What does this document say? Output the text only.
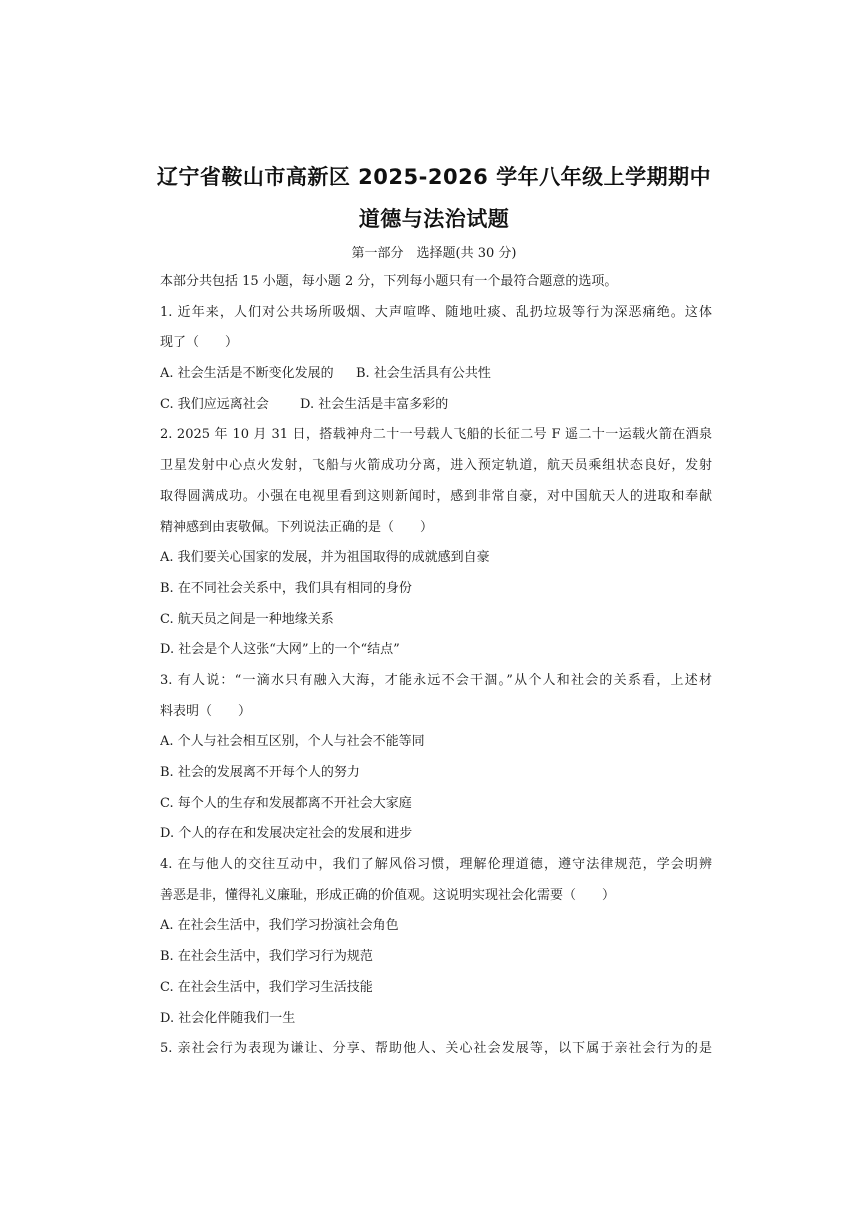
辽宁省鞍山市高新区 2025-2026 学年八年级上学期期中
道德与法治试题
第一部分　选择题(共 30 分)
本部分共包括 15 小题，每小题 2 分，下列每小题只有一个最符合题意的选项。
1. 近年来，人们对公共场所吸烟、大声喧哗、随地吐痰、乱扔垃圾等行为深恶痛绝。这体
现了（　　）
A. 社会生活是不断变化发展的 B. 社会生活具有公共性
C. 我们应远离社会 D. 社会生活是丰富多彩的
2. 2025 年 10 月 31 日，搭载神舟二十一号载人飞船的长征二号 F 遥二十一运载火箭在酒泉
卫星发射中心点火发射，飞船与火箭成功分离，进入预定轨道，航天员乘组状态良好，发射
取得圆满成功。小强在电视里看到这则新闻时，感到非常自豪，对中国航天人的进取和奉献
精神感到由衷敬佩。下列说法正确的是（　　）
A. 我们要关心国家的发展，并为祖国取得的成就感到自豪
B. 在不同社会关系中，我们具有相同的身份
C. 航天员之间是一种地缘关系
D. 社会是个人这张“大网”上的一个“结点”
3. 有人说：“一滴水只有融入大海，才能永远不会干涸。”从个人和社会的关系看，上述材
料表明（　　）
A. 个人与社会相互区别，个人与社会不能等同
B. 社会的发展离不开每个人的努力
C. 每个人的生存和发展都离不开社会大家庭
D. 个人的存在和发展决定社会的发展和进步
4. 在与他人的交往互动中，我们了解风俗习惯，理解伦理道德，遵守法律规范，学会明辨
善恶是非，懂得礼义廉耻，形成正确的价值观。这说明实现社会化需要（　　）
A. 在社会生活中，我们学习扮演社会角色
B. 在社会生活中，我们学习行为规范
C. 在社会生活中，我们学习生活技能
D. 社会化伴随我们一生
5. 亲社会行为表现为谦让、分享、帮助他人、关心社会发展等，以下属于亲社会行为的是
